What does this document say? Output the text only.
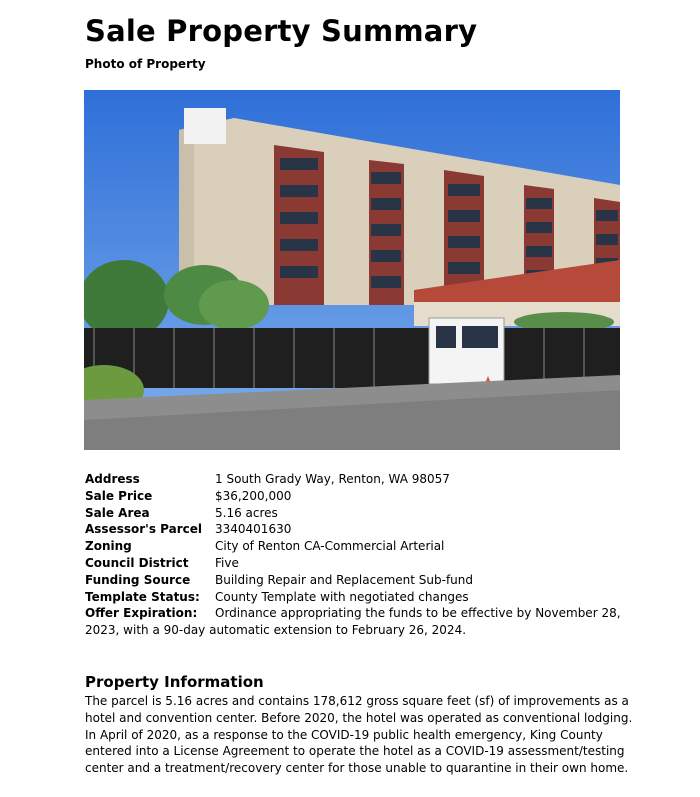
Sale Property Summary
Photo of Property
Address	1 South Grady Way, Renton, WA 98057
Sale Price	$36,200,000
Sale Area	5.16 acres
Assessor's Parcel	3340401630
Zoning	City of Renton CA-Commercial Arterial
Council District	Five
Funding Source	Building Repair and Replacement Sub-fund
Template Status:	County Template with negotiated changes
Offer Expiration: Ordinance appropriating the funds to be effective by November 28, 2023, with a 90-day automatic extension to February 26, 2024.
Property Information
The parcel is 5.16 acres and contains 178,612 gross square feet (sf) of improvements as a hotel and convention center. Before 2020, the hotel was operated as conventional lodging. In April of 2020, as a response to the COVID-19 public health emergency, King County entered into a License Agreement to operate the hotel as a COVID-19 assessment/testing center and a treatment/recovery center for those unable to quarantine in their own home.
